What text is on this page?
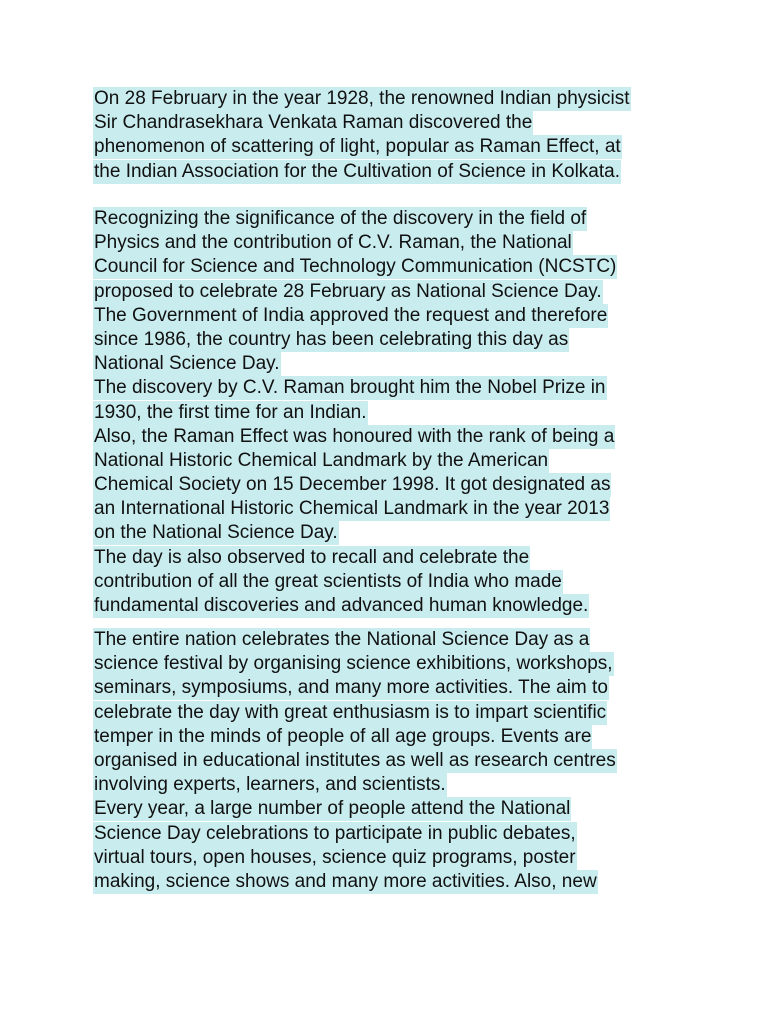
On 28 February in the year 1928, the renowned Indian physicist
Sir Chandrasekhara Venkata Raman discovered the
phenomenon of scattering of light, popular as Raman Effect, at
the Indian Association for the Cultivation of Science in Kolkata.
Recognizing the significance of the discovery in the field of
Physics and the contribution of C.V. Raman, the National
Council for Science and Technology Communication (NCSTC)
proposed to celebrate 28 February as National Science Day.
The Government of India approved the request and therefore
since 1986, the country has been celebrating this day as
National Science Day.
The discovery by C.V. Raman brought him the Nobel Prize in
1930, the first time for an Indian.
Also, the Raman Effect was honoured with the rank of being a
National Historic Chemical Landmark by the American
Chemical Society on 15 December 1998. It got designated as
an International Historic Chemical Landmark in the year 2013
on the National Science Day.
The day is also observed to recall and celebrate the
contribution of all the great scientists of India who made
fundamental discoveries and advanced human knowledge.
The entire nation celebrates the National Science Day as a
science festival by organising science exhibitions, workshops,
seminars, symposiums, and many more activities. The aim to
celebrate the day with great enthusiasm is to impart scientific
temper in the minds of people of all age groups. Events are
organised in educational institutes as well as research centres
involving experts, learners, and scientists.
Every year, a large number of people attend the National
Science Day celebrations to participate in public debates,
virtual tours, open houses, science quiz programs, poster
making, science shows and many more activities. Also, new
